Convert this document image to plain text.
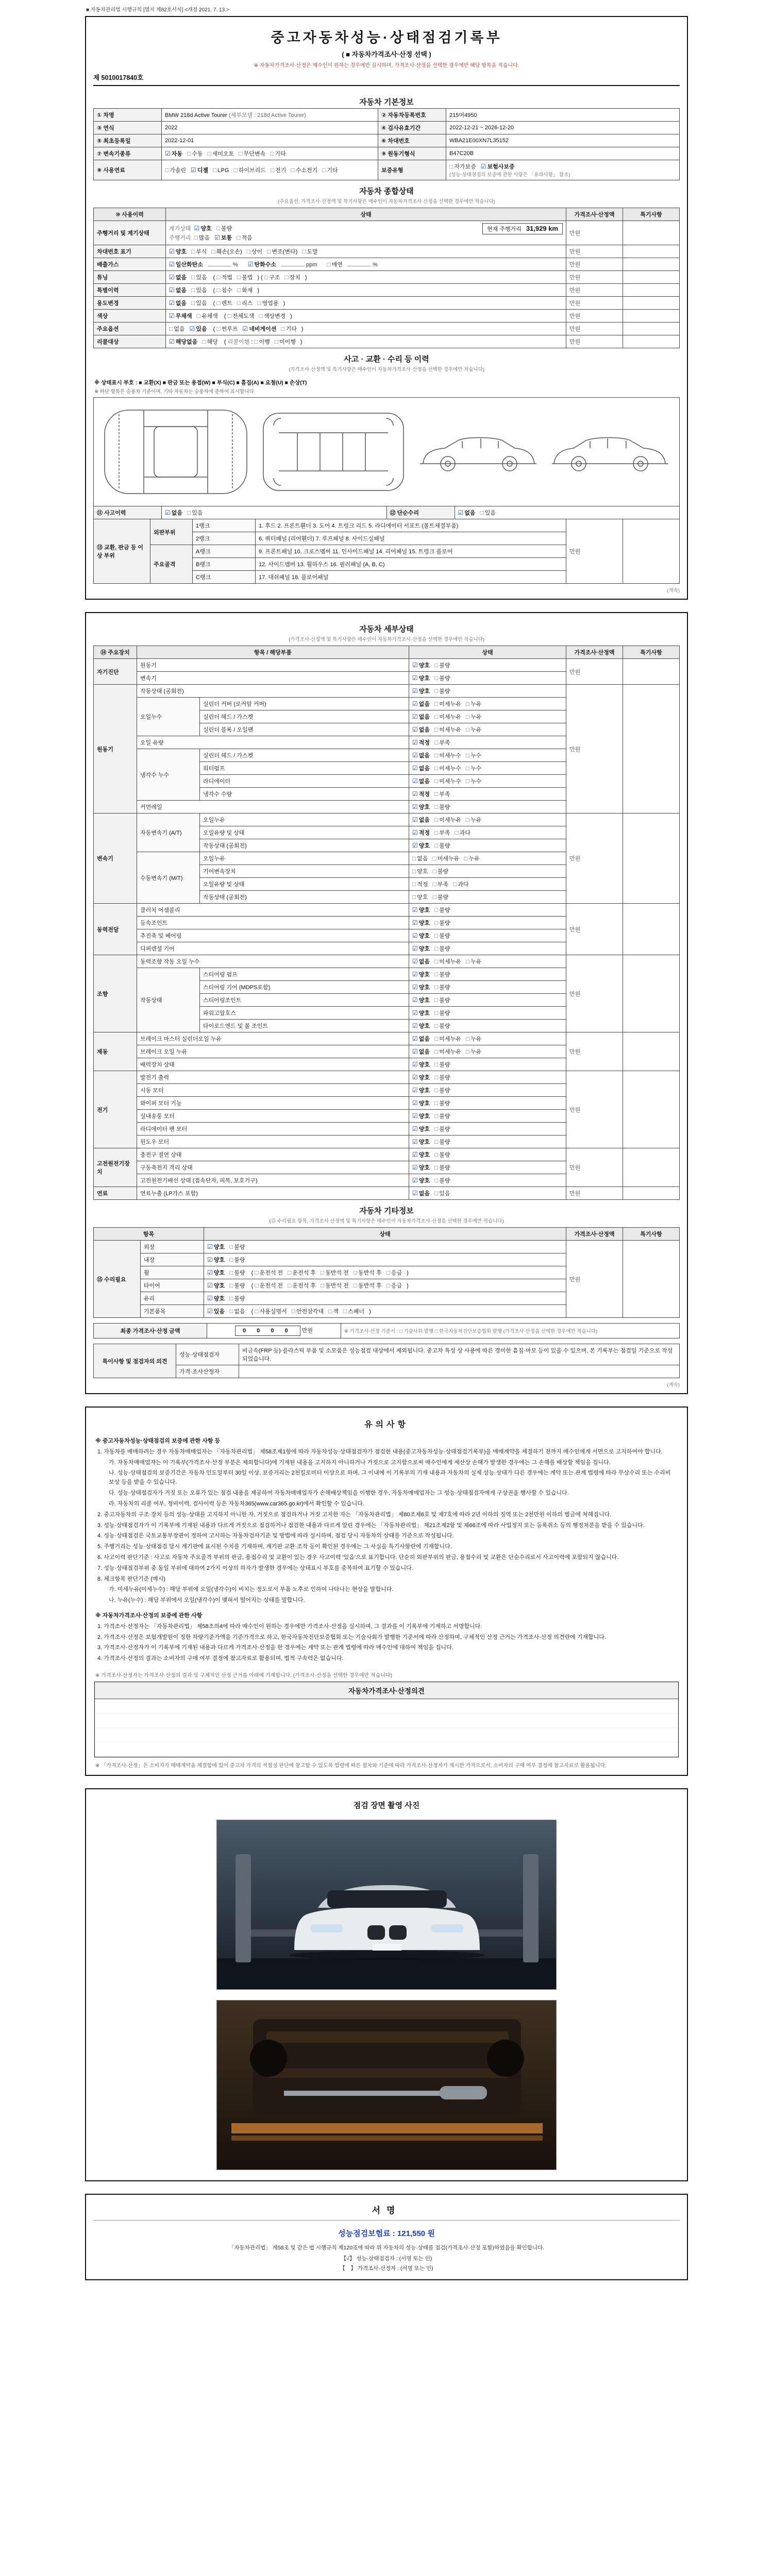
■ 자동차관리법 시행규칙 [별지 제82호서식] <개정 2021. 7. 13.>
중고자동차성능·상태점검기록부
( ■ 자동차가격조사·산정 선택 )
※ 자동차가격조사·산정은 매수인이 원하는 경우에만 실시하며, 가격조사·산정을 선택한 경우에만 해당 항목을 적습니다.
제 5010017840호
자동차 기본정보
① 차명	BMW 218d Active Tourer (세부모델 : 218d Active Tourer)	② 자동차등록번호	215머4950
③ 연식	2022	④ 검사유효기간	2022-12-21 ~ 2026-12-20
⑤ 최초등록일	2022-12-01	⑥ 차대번호	WBA21E00XN7L35152
⑦ 변속기종류	☑ 자동 □ 수동 □ 세미오토 □ 무단변속 □ 기타	⑨ 원동기형식	B47C20B
⑧ 사용연료	□ 가솔린 ☑ 디젤 □ LPG □ 하이브리드 □ 전기 □ 수소전기 □ 기타	보증유형	□ 자가보증 ☑ 보험사보증
(성능·상태점검의 보증에 관한 사항은 「유의사항」 참조)
자동차 종합상태
(주요옵션, 가격조사·산정액 및 특기사항은 매수인이 자동차가격조사·산정을 선택한 경우에만 적습니다)
⑩ 사용이력	상태	가격조사·산정액	특기사항
주행거리 및 계기상태	현재 주행거리 31,929 km
계기상태 ☑ 양호 □ 불량
주행거리 □ 많음 ☑ 보통 □ 적음	만원	
차대번호 표기	☑ 양호 □ 부식 □ 훼손(오손) □ 상이 □ 변조(변타) □ 도말	만원	
배출가스	☑ 일산화탄소 % ☑ 탄화수소 ppm □ 매연 %	만원	
튜닝	☑ 없음 □ 있음 ( □ 적법 □ 불법 ) ( □ 구조 □ 장치 )	만원	
특별이력	☑ 없음 □ 있음 ( □ 침수 □ 화재 )	만원	
용도변경	☑ 없음 □ 있음 ( □ 렌트 □ 리스 □ 영업용 )	만원	
색상	☑ 무채색 □ 유채색 ( □ 전체도색 □ 색상변경 )	만원	
주요옵션	□ 없음 ☑ 있음 ( □ 썬루프 ☑ 네비게이션 □ 기타 )	만원	
리콜대상	☑ 해당없음 □ 해당 ( 리콜이행 : □ 이행 □ 미이행 )	만원	
사고 · 교환 · 수리 등 이력
(가격조사·산정액 및 특기사항은 매수인이 자동차가격조사·산정을 선택한 경우에만 적습니다)
※ 상태표시 부호 : ■ 교환(X) ■ 판금 또는 용접(W) ■ 부식(C) ■ 흠집(A) ■ 요철(U) ■ 손상(T)
※ 하단 항목은 승용차 기준이며, 기타 자동차는 승용차에 준하여 표시합니다.
⑪ 사고이력	☑ 없음 □ 있음	⑫ 단순수리	☑ 없음 □ 있음
⑬ 교환, 판금 등 이상 부위	외판부위	1랭크	1. 후드 2. 프론트휀더 3. 도어 4. 트렁크 리드 5. 라디에이터 서포트 (볼트체결부품)	만원	
		2랭크	6. 쿼터패널 (리어휀더) 7. 루프패널 8. 사이드실패널		
	주요골격	A랭크	9. 프론트패널 10. 크로스멤버 11. 인사이드패널 14. 리어패널 15. 트렁크 플로어		
		B랭크	12. 사이드멤버 13. 휠하우스 16. 필러패널 (A, B, C)		
		C랭크	17. 대쉬패널 18. 플로어패널		
(계속)
자동차 세부상태
(가격조사·산정액 및 특기사항은 매수인이 자동차가격조사·산정을 선택한 경우에만 적습니다)
⑭ 주요장치	항목 / 해당부품		상태	가격조사·산정액	특기사항
자기진단	원동기		☑ 양호 □ 불량	만원	
	변속기		☑ 양호 □ 불량		
원동기	작동상태 (공회전)		☑ 양호 □ 불량	만원	
	오일누수	실린더 커버 (로커암 커버)	☑ 없음 □ 미세누유 □ 누유		
		실린더 헤드 / 가스켓	☑ 없음 □ 미세누유 □ 누유		
		실린더 블록 / 오일팬	☑ 없음 □ 미세누유 □ 누유		
	오일 유량		☑ 적정 □ 부족		
	냉각수 누수	실린더 헤드 / 가스켓	☑ 없음 □ 미세누수 □ 누수		
		워터펌프	☑ 없음 □ 미세누수 □ 누수		
		라디에이터	☑ 없음 □ 미세누수 □ 누수		
		냉각수 수량	☑ 적정 □ 부족		
	커먼레일		☑ 양호 □ 불량		
변속기	자동변속기 (A/T)	오일누유	☑ 없음 □ 미세누유 □ 누유	만원	
		오일유량 및 상태	☑ 적정 □ 부족 □ 과다		
		작동상태 (공회전)	☑ 양호 □ 불량		
	수동변속기 (M/T)	오일누유	□ 없음 □ 미세누유 □ 누유		
		기어변속장치	□ 양호 □ 불량		
		오일유량 및 상태	□ 적정 □ 부족 □ 과다		
		작동상태 (공회전)	□ 양호 □ 불량		
동력전달	클러치 어셈블리		☑ 양호 □ 불량	만원	
	등속조인트		☑ 양호 □ 불량		
	추진축 및 베어링		☑ 양호 □ 불량		
	디퍼렌셜 기어		☑ 양호 □ 불량		
조향	동력조향 작동 오일 누수		☑ 없음 □ 미세누유 □ 누유	만원	
	작동상태	스티어링 펌프	☑ 양호 □ 불량		
		스티어링 기어 (MDPS포함)	☑ 양호 □ 불량		
		스티어링조인트	☑ 양호 □ 불량		
		파워고압호스	☑ 양호 □ 불량		
		타이로드엔드 및 볼 조인트	☑ 양호 □ 불량		
제동	브레이크 마스터 실린더오일 누유		☑ 없음 □ 미세누유 □ 누유	만원	
	브레이크 오일 누유		☑ 없음 □ 미세누유 □ 누유		
	배력장치 상태		☑ 양호 □ 불량		
전기	발전기 출력		☑ 양호 □ 불량	만원	
	시동 모터		☑ 양호 □ 불량		
	와이퍼 모터 기능		☑ 양호 □ 불량		
	실내송풍 모터		☑ 양호 □ 불량		
	라디에이터 팬 모터		☑ 양호 □ 불량		
	윈도우 모터		☑ 양호 □ 불량		
고전원전기장치	충전구 절연 상태		☑ 양호 □ 불량	만원	
	구동축전지 격리 상태		☑ 양호 □ 불량		
	고전원전기배선 상태 (접속단자, 피복, 보호기구)		☑ 양호 □ 불량		
연료	연료누출 (LP가스 포함)		☑ 없음 □ 있음	만원	
자동차 기타정보
(⑮ 수리필요 항목, 가격조사·산정액 및 특기사항은 매수인이 자동차가격조사·산정을 선택한 경우에만 적습니다)
항목		상태	가격조사·산정액	특기사항
⑮ 수리필요	외장	☑ 양호 □ 불량	만원	
	내장	☑ 양호 □ 불량		
	휠	☑ 양호 □ 불량 ( □ 운전석 전 □ 운전석 후 □ 동반석 전 □ 동반석 후 □ 응급 )		
	타이어	☑ 양호 □ 불량 ( □ 운전석 전 □ 운전석 후 □ 동반석 전 □ 동반석 후 □ 응급 )		
	유리	☑ 양호 □ 불량		
	기본품목	☑ 있음 □ 없음 ( □ 사용설명서 □ 안전삼각대 □ 잭 □ 스패너 )		
최종 가격조사·산정 금액	0 0 0 0 만원	※ 가격조사·산정 기준서 : □ 기술사회 발행 □ 한국자동차진단보증협회 발행 (가격조사·산정을 선택한 경우에만 적습니다)
특이사항 및 점검자의 의견	성능·상태점검자	비금속(FRP 등)·플라스틱 부품 및 소모품은 성능점검 대상에서 제외됩니다. 중고차 특성 상 사용에 따른 경미한 흠집·마모 등이 있을 수 있으며, 본 기록부는 점검일 기준으로 작성되었습니다.
	가격·조사산정자	
(계속)
유의사항
※ 중고자동차성능·상태점검의 보증에 관한 사항 등
1. 자동차를 매매하려는 경우 자동차매매업자는 「자동차관리법」 제58조제1항에 따라 자동차성능·상태점검자가 점검한 내용(중고자동차성능·상태점검기록부)을 매매계약을 체결하기 전까지 매수인에게 서면으로 고지하여야 합니다.
가. 자동차매매업자는 이 기록부(가격조사·산정 부분은 제외합니다)에 기재된 내용을 고지하지 아니하거나 거짓으로 고지함으로써 매수인에게 재산상 손해가 발생한 경우에는 그 손해를 배상할 책임을 집니다.
나. 성능·상태점검의 보증기간은 자동차 인도일부터 30일 이상, 보증거리는 2천킬로미터 이상으로 하며, 그 이내에 이 기록부의 기재 내용과 자동차의 실제 성능·상태가 다른 경우에는 계약 또는 관계 법령에 따라 무상수리 또는 수리비 보상 등을 받을 수 있습니다.
다. 성능·상태점검자가 거짓 또는 오류가 있는 점검 내용을 제공하여 자동차매매업자가 손해배상책임을 이행한 경우, 자동차매매업자는 그 성능·상태점검자에게 구상권을 행사할 수 있습니다.
라. 자동차의 리콜 여부, 정비이력, 검사이력 등은 자동차365(www.car365.go.kr)에서 확인할 수 있습니다.
2. 중고자동차의 구조·장치 등의 성능·상태를 고지하지 아니한 자, 거짓으로 점검하거나 거짓 고지한 자는 「자동차관리법」 제80조제6호 및 제7호에 따라 2년 이하의 징역 또는 2천만원 이하의 벌금에 처해집니다.
3. 성능·상태점검자가 이 기록부에 기재된 내용과 다르게 거짓으로 점검하거나 점검한 내용과 다르게 알린 경우에는 「자동차관리법」 제21조제2항 및 제66조에 따라 사업정지 또는 등록취소 등의 행정처분을 받을 수 있습니다.
4. 성능·상태점검은 국토교통부장관이 정하여 고시하는 자동차검사기준 및 방법에 따라 실시하며, 점검 당시 자동차의 상태를 기준으로 작성됩니다.
5. 주행거리는 성능·상태점검 당시 계기판에 표시된 수치를 기재하며, 계기판 교환·조작 등이 확인된 경우에는 그 사실을 특기사항란에 기재합니다.
6. 사고이력 판단기준 : 사고로 자동차 주요골격 부위의 판금, 용접수리 및 교환이 있는 경우 사고이력 '있음'으로 표기합니다. 단순히 외판부위의 판금, 용접수리 및 교환은 단순수리로서 사고이력에 포함되지 않습니다.
7. 성능·상태점검부위 중 동일 부위에 대하여 2가지 이상의 하자가 발생한 경우에는 상태표시 부호를 중복하여 표기할 수 있습니다.
8. 체크항목 판단기준 (예시)
가. 미세누유(미세누수) : 해당 부위에 오일(냉각수)이 비치는 정도로서 부품 노후로 인하여 나타나는 현상을 말합니다.
나. 누유(누수) : 해당 부위에서 오일(냉각수)이 맺혀서 떨어지는 상태를 말합니다.
※ 자동차가격조사·산정의 보증에 관한 사항
1. 가격조사·산정자는 「자동차관리법」 제58조의4에 따라 매수인이 원하는 경우에만 가격조사·산정을 실시하며, 그 결과를 이 기록부에 기재하고 서명합니다.
2. 가격조사·산정은 보험개발원이 정한 차량기준가액을 기준가격으로 하고, 한국자동차진단보증협회 또는 기술사회가 발행한 기준서에 따라 산정하며, 구체적인 산정 근거는 가격조사·산정 의견란에 기재합니다.
3. 가격조사·산정자가 이 기록부에 기재된 내용과 다르게 가격조사·산정을 한 경우에는 계약 또는 관계 법령에 따라 매수인에 대하여 책임을 집니다.
4. 가격조사·산정의 결과는 소비자의 구매 여부 결정에 참고자료로 활용되며, 법적 구속력은 없습니다.
※ 가격조사·산정자는 가격조사·산정의 결과 및 구체적인 산정 근거를 아래에 기재합니다. (가격조사·산정을 선택한 경우에만 적습니다)
자동차가격조사·산정의견
※ 「가격조사·산정」은 소비자가 매매계약을 체결함에 있어 중고차 가격의 적절성 판단에 참고할 수 있도록 법령에 따른 절차와 기준에 따라 가격조사·산정자가 제시한 가격으로서, 소비자의 구매 여부 결정에 참고자료로 활용됩니다.
점검 장면 촬영 사진
서명
성능점검보험료 : 121,550 원
「자동차관리법」 제58조 및 같은 법 시행규칙 제120조에 따라 위 자동차의 성능·상태를 점검(가격조사·산정 포함)하였음을 확인합니다.
【√】 성능·상태점검자 : (서명 또는 인)
【　】 가격조사·산정자 : (서명 또는 인)
